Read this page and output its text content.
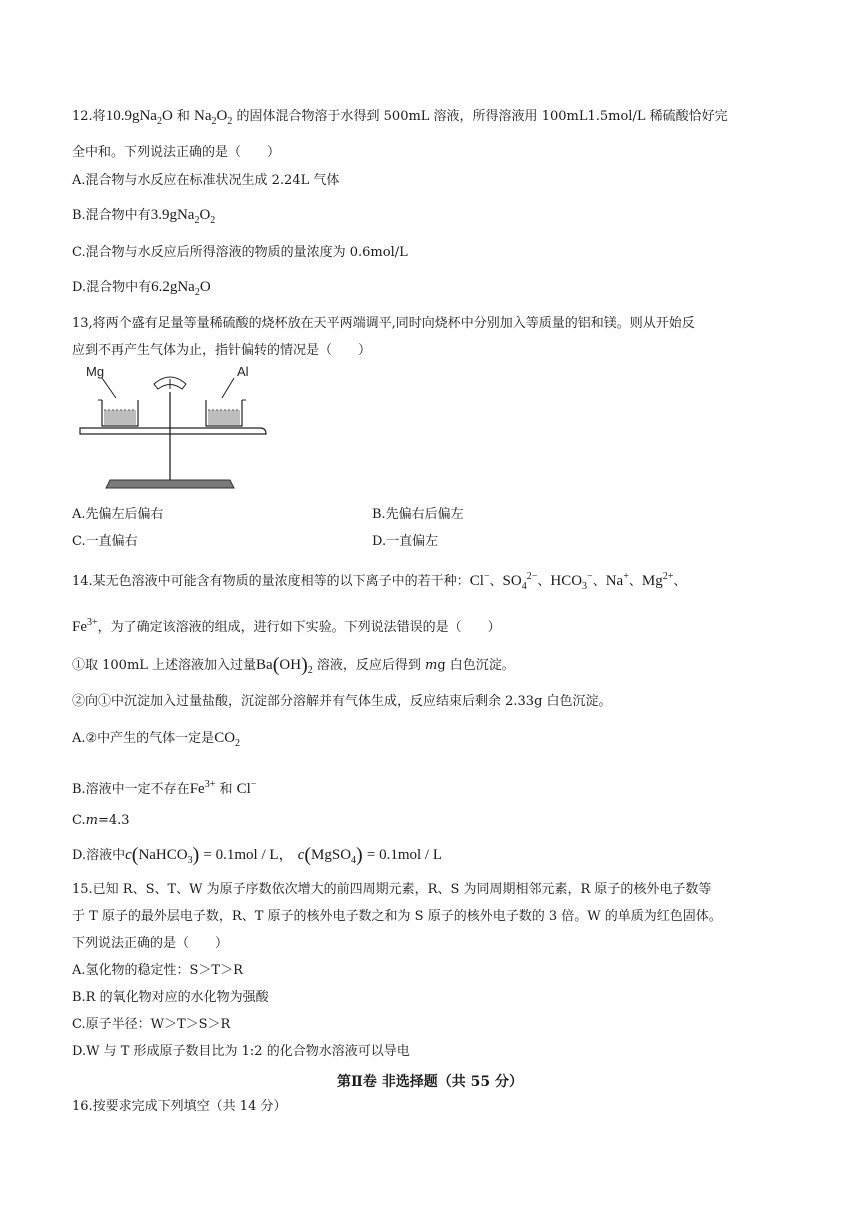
12.将10.9gNa$_2$O 和 $Na_2O_2$ 的固体混合物溶于水得到 500mL 溶液，所得溶液用 100mL1.5mol/L 稀硫酸恰好完
全中和。下列说法正确的是（　　）
A.混合物与水反应在标准状况生成 2.24L 气体
B.混合物中有$3.9gNa_2O_2$
C.混合物与水反应后所得溶液的物质的量浓度为 0.6mol/L
D.混合物中有6.2gNa$_2$O
13,将两个盛有足量等量稀硫酸的烧杯放在天平两端调平,同时向烧杯中分别加入等质量的铝和镁。则从开始反
应到不再产生气体为止，指针偏转的情况是（　　）
Mg	Al
A.先偏左后偏右	B.先偏右后偏左
C.一直偏右	D.一直偏左
14.某无色溶液中可能含有物质的量浓度相等的以下离子中的若干种：Cl−、$SO_4^{2-}$、$HCO_3^-$、Na+、$Mg^{2+}$、
$Fe^{3+}$，为了确定该溶液的组成，进行如下实验。下列说法错误的是（　　）
①取 100mL 上述溶液加入过量$Ba(OH)_2$ 溶液，反应后得到 mg 白色沉淀。
②向①中沉淀加入过量盐酸，沉淀部分溶解并有气体生成，反应结束后剩余 2.33g 白色沉淀。
A.②中产生的气体一定是$CO_2$
B.溶液中一定不存在$Fe^{3+}$ 和 Cl−
C.m=4.3
D.溶液中c(NaHCO$_3$) = 0.1mol / L， c(MgSO$_4$) = 0.1mol / L
15.已知 R、S、T、W 为原子序数依次增大的前四周期元素，R、S 为同周期相邻元素，R 原子的核外电子数等
于 T 原子的最外层电子数，R、T 原子的核外电子数之和为 S 原子的核外电子数的 3 倍。W 的单质为红色固体。
下列说法正确的是（　　）
A.氢化物的稳定性：S＞T＞R
B.R 的氧化物对应的水化物为强酸
C.原子半径：W＞T＞S＞R
D.W 与 T 形成原子数目比为 1:2 的化合物水溶液可以导电
第Ⅱ卷 非选择题（共 55 分）
16.按要求完成下列填空（共 14 分）
